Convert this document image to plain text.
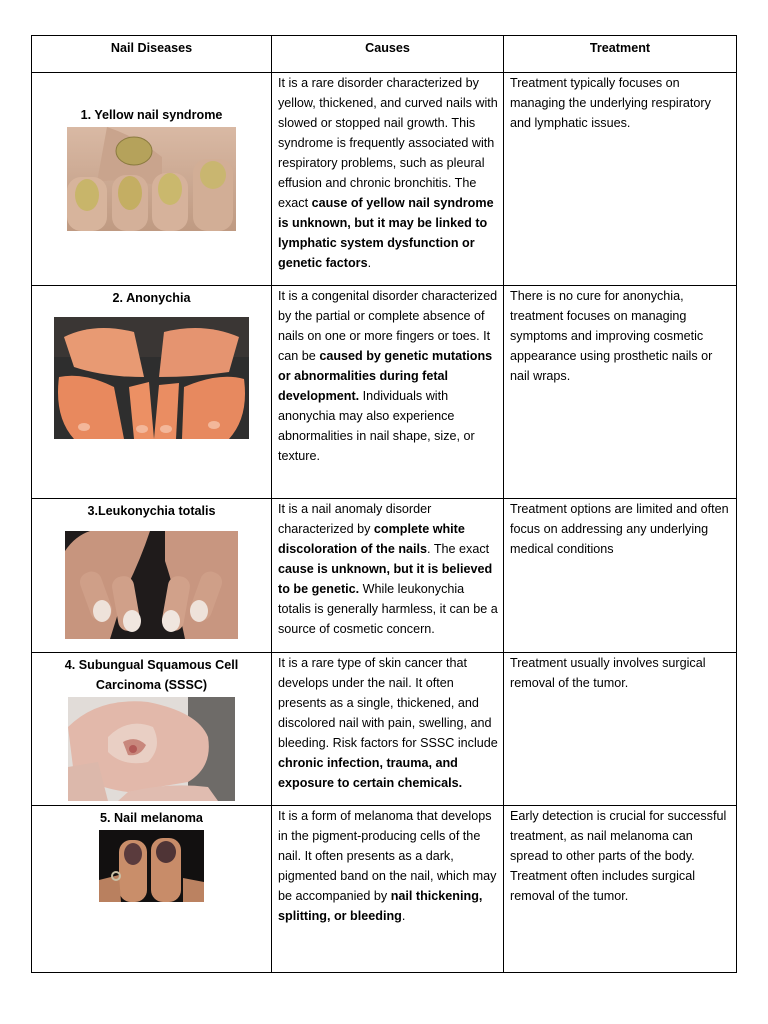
Nail Diseases	Causes	Treatment

1. Yellow nail syndrome	It is a rare disorder characterized by yellow, thickened, and curved nails with slowed or stopped nail growth. This syndrome is frequently associated with respiratory problems, such as pleural effusion and chronic bronchitis. The exact cause of yellow nail syndrome is unknown, but it may be linked to lymphatic system dysfunction or genetic factors.	Treatment typically focuses on managing the underlying respiratory and lymphatic issues.

2. Anonychia	It is a congenital disorder characterized by the partial or complete absence of nails on one or more fingers or toes. It can be caused by genetic mutations or abnormalities during fetal development. Individuals with anonychia may also experience abnormalities in nail shape, size, or texture.	There is no cure for anonychia, treatment focuses on managing symptoms and improving cosmetic appearance using prosthetic nails or nail wraps.

3.Leukonychia totalis	It is a nail anomaly disorder characterized by complete white discoloration of the nails. The exact cause is unknown, but it is believed to be genetic. While leukonychia totalis is generally harmless, it can be a source of cosmetic concern.	Treatment options are limited and often focus on addressing any underlying medical conditions

4. Subungual Squamous Cell Carcinoma (SSSC)	It is a rare type of skin cancer that develops under the nail. It often presents as a single, thickened, and discolored nail with pain, swelling, and bleeding. Risk factors for SSSC include chronic infection, trauma, and exposure to certain chemicals.	Treatment usually involves surgical removal of the tumor.

5. Nail melanoma	It is a form of melanoma that develops in the pigment-producing cells of the nail. It often presents as a dark, pigmented band on the nail, which may be accompanied by nail thickening, splitting, or bleeding.	Early detection is crucial for successful treatment, as nail melanoma can spread to other parts of the body. Treatment often includes surgical removal of the tumor.
